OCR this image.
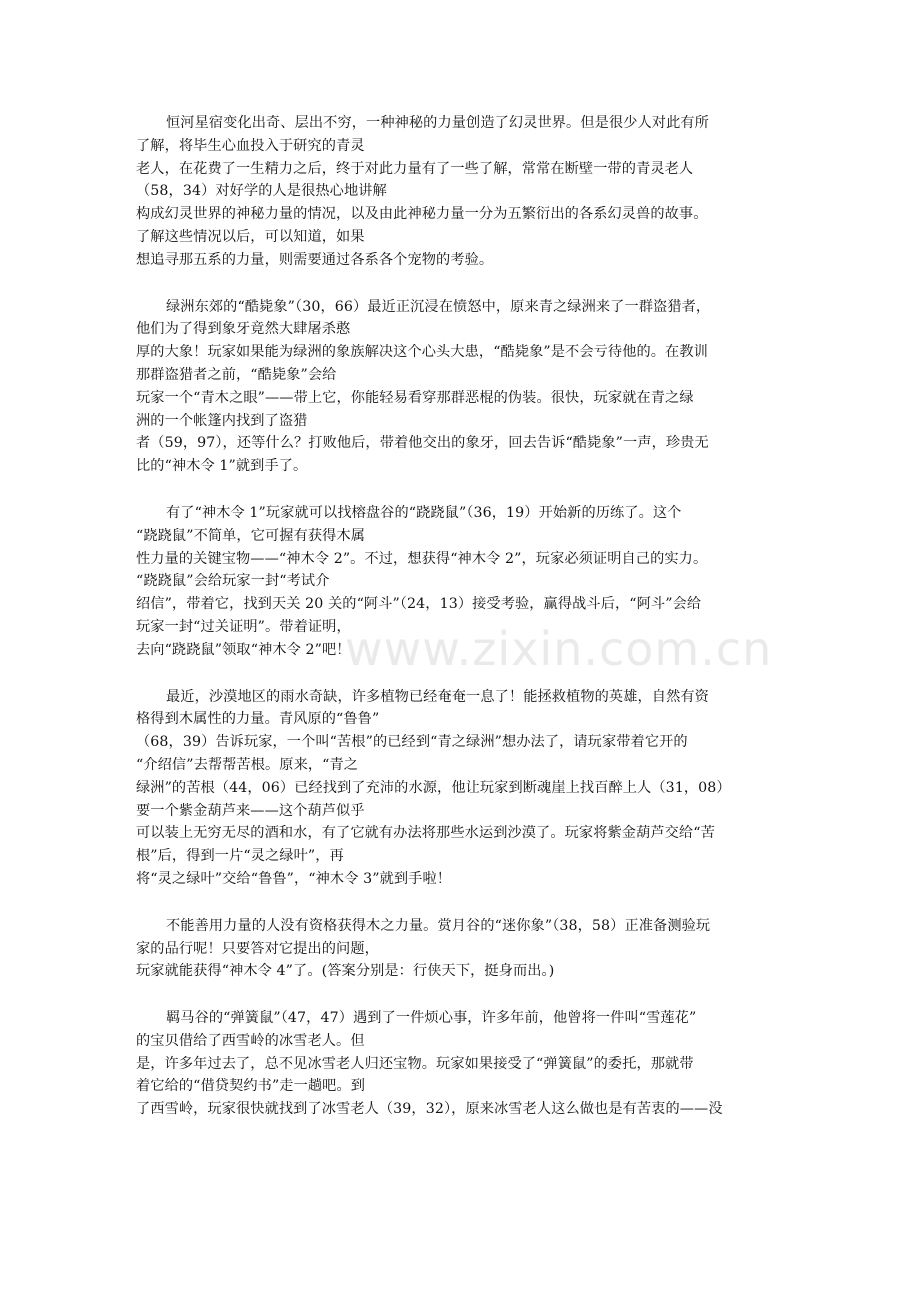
www.zixin.com.cn
恒河星宿变化出奇、层出不穷，一种神秘的力量创造了幻灵世界。但是很少人对此有所
了解，将毕生心血投入于研究的青灵
老人，在花费了一生精力之后，终于对此力量有了一些了解，常常在断壁一带的青灵老人
（58，34）对好学的人是很热心地讲解
构成幻灵世界的神秘力量的情况，以及由此神秘力量一分为五繁衍出的各系幻灵兽的故事。
了解这些情况以后，可以知道，如果
想追寻那五系的力量，则需要通过各系各个宠物的考验。
绿洲东郊的“酷毙象”（30，66）最近正沉浸在愤怒中，原来青之绿洲来了一群盗猎者，
他们为了得到象牙竟然大肆屠杀憨
厚的大象！玩家如果能为绿洲的象族解决这个心头大患，“酷毙象”是不会亏待他的。在教训
那群盗猎者之前，“酷毙象”会给
玩家一个“青木之眼”——带上它，你能轻易看穿那群恶棍的伪装。很快，玩家就在青之绿
洲的一个帐篷内找到了盗猎
者（59，97），还等什么？打败他后，带着他交出的象牙，回去告诉“酷毙象”一声，珍贵无
比的“神木令 1”就到手了。
有了“神木令 1”玩家就可以找榕盘谷的“跷跷鼠”（36，19）开始新的历练了。这个
“跷跷鼠”不简单，它可握有获得木属
性力量的关键宝物——“神木令 2”。不过，想获得“神木令 2”，玩家必须证明自己的实力。
“跷跷鼠”会给玩家一封“考试介
绍信”，带着它，找到天关 20 关的“阿斗”（24，13）接受考验，赢得战斗后，“阿斗”会给
玩家一封“过关证明”。带着证明，
去向“跷跷鼠”领取“神木令 2”吧！
最近，沙漠地区的雨水奇缺，许多植物已经奄奄一息了！能拯救植物的英雄，自然有资
格得到木属性的力量。青风原的“鲁鲁”
（68，39）告诉玩家，一个叫“苦根”的已经到“青之绿洲”想办法了，请玩家带着它开的
“介绍信”去帮帮苦根。原来，“青之
绿洲”的苦根（44，06）已经找到了充沛的水源，他让玩家到断魂崖上找百醉上人（31，08）
要一个紫金葫芦来——这个葫芦似乎
可以装上无穷无尽的酒和水，有了它就有办法将那些水运到沙漠了。玩家将紫金葫芦交给“苦
根”后，得到一片“灵之绿叶”，再
将“灵之绿叶”交给“鲁鲁”，“神木令 3”就到手啦！
不能善用力量的人没有资格获得木之力量。赏月谷的“迷你象”（38，58）正准备测验玩
家的品行呢！只要答对它提出的问题，
玩家就能获得“神木令 4”了。(答案分别是：行侠天下，挺身而出。)
羁马谷的“弹簧鼠”（47，47）遇到了一件烦心事，许多年前，他曾将一件叫“雪莲花”
的宝贝借给了西雪岭的冰雪老人。但
是，许多年过去了，总不见冰雪老人归还宝物。玩家如果接受了“弹簧鼠”的委托，那就带
着它给的“借贷契约书”走一趟吧。到
了西雪岭，玩家很快就找到了冰雪老人（39，32），原来冰雪老人这么做也是有苦衷的——没
